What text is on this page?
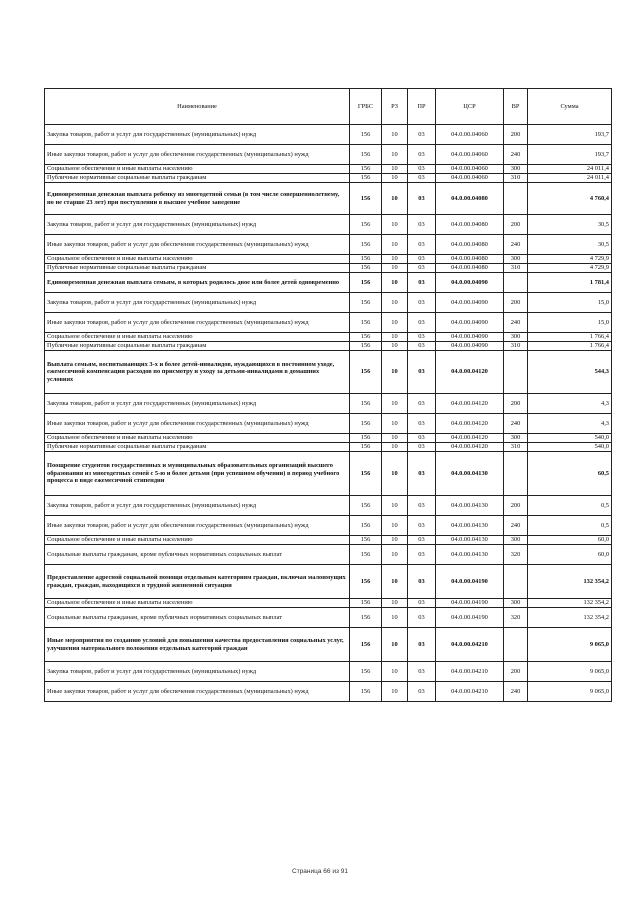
Наименование	ГРБС	РЗ	ПР	ЦСР	ВР	Сумма
Закупка товаров, работ и услуг для государственных (муниципальных) нужд	156	10	03	04.0.00.04060	200	193,7
Иные закупки товаров, работ и услуг для обеспечения государственных (муниципальных) нужд	156	10	03	04.0.00.04060	240	193,7
Социальное обеспечение и иные выплаты населению	156	10	03	04.0.00.04060	300	24 011,4
Публичные нормативные социальные выплаты гражданам	156	10	03	04.0.00.04060	310	24 011,4
Единовременная денежная выплата ребенку из многодетной семьи (в том числе совершеннолетнему, но не старше 23 лет) при поступлении в высшее учебное заведение	156	10	03	04.0.00.04080		4 760,4
Закупка товаров, работ и услуг для государственных (муниципальных) нужд	156	10	03	04.0.00.04080	200	30,5
Иные закупки товаров, работ и услуг для обеспечения государственных (муниципальных) нужд	156	10	03	04.0.00.04080	240	30,5
Социальное обеспечение и иные выплаты населению	156	10	03	04.0.00.04080	300	4 729,9
Публичные нормативные социальные выплаты гражданам	156	10	03	04.0.00.04080	310	4 729,9
Единовременная денежная выплата семьям, в которых родилось двое или более детей одновременно	156	10	03	04.0.00.04090		1 781,4
Закупка товаров, работ и услуг для государственных (муниципальных) нужд	156	10	03	04.0.00.04090	200	15,0
Иные закупки товаров, работ и услуг для обеспечения государственных (муниципальных) нужд	156	10	03	04.0.00.04090	240	15,0
Социальное обеспечение и иные выплаты населению	156	10	03	04.0.00.04090	300	1 766,4
Публичные нормативные социальные выплаты гражданам	156	10	03	04.0.00.04090	310	1 766,4
Выплата семьям, воспитывающих 3-х и более детей-инвалидов, нуждающихся в постоянном уходе, ежемесячной компенсации расходов по присмотру и уходу за детьми-инвалидами в домашних условиях	156	10	03	04.0.00.04120		544,3
Закупка товаров, работ и услуг для государственных (муниципальных) нужд	156	10	03	04.0.00.04120	200	4,3
Иные закупки товаров, работ и услуг для обеспечения государственных (муниципальных) нужд	156	10	03	04.0.00.04120	240	4,3
Социальное обеспечение и иные выплаты населению	156	10	03	04.0.00.04120	300	540,0
Публичные нормативные социальные выплаты гражданам	156	10	03	04.0.00.04120	310	540,0
Поощрение студентов государственных и муниципальных образовательных организаций высшего образования из многодетных семей с 5-ю и более детьми (при успешном обучении) в период учебного процесса в виде ежемесячной стипендии	156	10	03	04.0.00.04130		60,5
Закупка товаров, работ и услуг для государственных (муниципальных) нужд	156	10	03	04.0.00.04130	200	0,5
Иные закупки товаров, работ и услуг для обеспечения государственных (муниципальных) нужд	156	10	03	04.0.00.04130	240	0,5
Социальное обеспечение и иные выплаты населению	156	10	03	04.0.00.04130	300	60,0
Социальные выплаты гражданам, кроме публичных нормативных социальных выплат	156	10	03	04.0.00.04130	320	60,0
Предоставление адресной социальной помощи отдельным категориям граждан, включая малоимущих граждан, граждан, находящихся в трудной жизненной ситуации	156	10	03	04.0.00.04190		132 354,2
Социальное обеспечение и иные выплаты населению	156	10	03	04.0.00.04190	300	132 354,2
Социальные выплаты гражданам, кроме публичных нормативных социальных выплат	156	10	03	04.0.00.04190	320	132 354,2
Иные мероприятия по созданию условий для повышения качества предоставления социальных услуг, улучшения материального положения отдельных категорий граждан	156	10	03	04.0.00.04210		9 065,0
Закупка товаров, работ и услуг для государственных (муниципальных) нужд	156	10	03	04.0.00.04210	200	9 065,0
Иные закупки товаров, работ и услуг для обеспечения государственных (муниципальных) нужд	156	10	03	04.0.00.04210	240	9 065,0
Страница 66 из 91
